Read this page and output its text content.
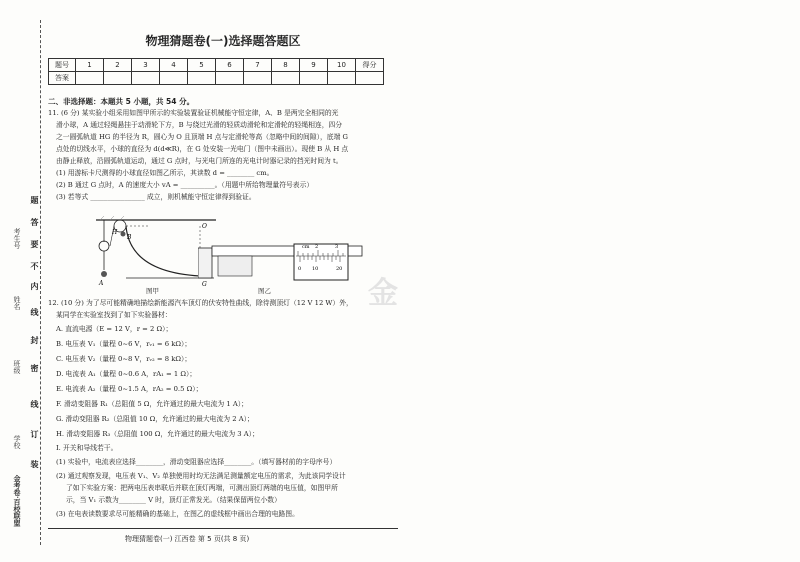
考生号
姓名
班级
学校
金考卷·百校联盟
题
答
要
不
内
线
封
密
线
订
装
物理猜题卷(一)选择题答题区
题号	1	2	3	4	5	6	7	8	9	10	得分
答案											
二、非选择题：本题共 5 小题，共 54 分。
11. (6 分) 某实验小组采用如图甲所示的实验装置验证机械能守恒定律，A、B 是两完全相同的光
滑小球，A 通过轻绳悬挂于动滑轮下方，B 与绕过光滑的轻质动滑轮和定滑轮的轻绳相连，四分
之一圆弧轨道 HG 的半径为 R，圆心为 O 且顶端 H 点与定滑轮等高（忽略中间的间隙），底端 G
点处的切线水平，小球的直径为 d(d≪R)，在 G 处安装一光电门（图中未画出）。现使 B 从 H 点
由静止释放，沿圆弧轨道运动，通过 G 点时，与光电门所连的光电计时器记录的挡光时间为 t。
(1) 用游标卡尺测得的小球直径如图乙所示，其读数 d = ________ cm。
(2) B 通过 G 点时，A 的速度大小 vA = __________。（用题中所给物理量符号表示）
(3) 若等式 ________________ 成立，则机械能守恒定律得到验证。
H
B
O
A	G
图甲
cm 2	3
0 10	20
图乙
12. (10 分) 为了尽可能精确地描绘新能源汽车顶灯的伏安特性曲线，除待测顶灯（12 V 12 W）外，
某同学在实验室找到了如下实验器材：
A. 直流电源（E = 12 V，r = 2 Ω）；
B. 电压表 V₁（量程 0~6 V，rᵥ₁ = 6 kΩ）；
C. 电压表 V₂（量程 0~8 V，rᵥ₂ = 8 kΩ）；
D. 电流表 A₁（量程 0~0.6 A，rA₁ = 1 Ω）；
E. 电流表 A₂（量程 0~1.5 A，rA₂ = 0.5 Ω）；
F. 滑动变阻器 R₁（总阻值 5 Ω，允许通过的最大电流为 1 A）；
G. 滑动变阻器 R₂（总阻值 10 Ω，允许通过的最大电流为 2 A）；
H. 滑动变阻器 R₃（总阻值 100 Ω，允许通过的最大电流为 3 A）；
I. 开关和导线若干。
(1) 实验中，电流表应选择________，滑动变阻器应选择________。（填写器材前的字母序号）
(2) 通过观察发现，电压表 V₁、V₂ 单独使用时均无法满足测量额定电压的需求，为此该同学设计
了如下实验方案：把两电压表串联后并联在顶灯两端，可测出顶灯两端的电压值，如图甲所
示，当 V₁ 示数为________ V 时，顶灯正常发光。（结果保留两位小数）
(3) 在电表读数要求尽可能精确的基础上，在图乙的虚线框中画出合理的电路图。
金
物理猜题卷(一) 江西卷 第 5 页(共 8 页)
